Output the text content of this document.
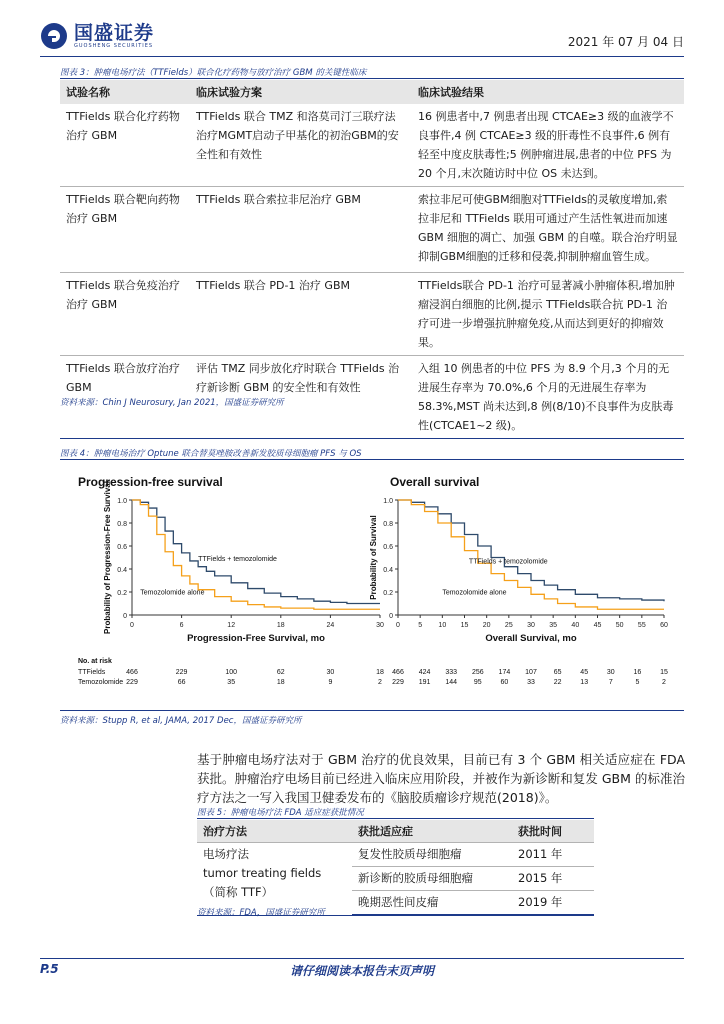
国盛证券
GUOSHENG SECURITIES	2021 年 07 月 04 日
图表 3：肿瘤电场疗法（TTFields）联合化疗药物与放疗治疗 GBM 的关键性临床
试验名称	临床试验方案	临床试验结果
TTFields 联合化疗药物治疗 GBM	TTFields 联合 TMZ 和洛莫司汀三联疗法治疗MGMT启动子甲基化的初治GBM的安全性和有效性	16 例患者中,7 例患者出现 CTCAE≥3 级的血液学不良事件,4 例 CTCAE≥3 级的肝毒性不良事件,6 例有轻至中度皮肤毒性;5 例肿瘤进展,患者的中位 PFS 为 20 个月,末次随访时中位 OS 未达到。
TTFields 联合靶向药物治疗 GBM	TTFields 联合索拉非尼治疗 GBM	索拉非尼可使GBM细胞对TTFields的灵敏度增加,索拉非尼和 TTFields 联用可通过产生活性氧进而加速 GBM 细胞的凋亡、加强 GBM 的自噬。联合治疗明显抑制GBM细胞的迁移和侵袭,抑制肿瘤血管生成。
TTFields 联合免疫治疗治疗 GBM	TTFields 联合 PD-1 治疗 GBM	TTFields联合 PD-1 治疗可显著减小肿瘤体积,增加肿瘤浸润白细胞的比例,提示 TTFields联合抗 PD-1 治疗可进一步增强抗肿瘤免疫,从而达到更好的抑瘤效果。
TTFields 联合放疗治疗 GBM	评估 TMZ 同步放化疗时联合 TTFields 治疗新诊断 GBM 的安全性和有效性	入组 10 例患者的中位 PFS 为 8.9 个月,3 个月的无进展生存率为 70.0%,6 个月的无进展生存率为 58.3%,MST 尚未达到,8 例(8/10)不良事件为皮肤毒性(CTCAE1~2 级)。
资料来源：Chin J Neurosury, Jan 2021，国盛证券研究所
图表 4：肿瘤电场治疗 Optune 联合替莫唑胺改善新发胶质母细胞瘤 PFS 与 OS
Progression-free survival
0
0.2
0.4
0.6
0.8
1.0
0	6	12	18	24	30
Progression-Free Survival, mo
Probability of Progression-Free Survival	TTFields + temozolomide
Temozolomide alone
No. at risk
TTFields	466	229	100	62	30	18
Temozolomide 229	66	35	18	9	2
Overall survival
0
0.2
0.4
0.6
0.8
1.0
0	5 10 15 20 25 30 35 40 45 50 55 60
Overall Survival, mo
Probability of Survival	TTFields + temozolomide
Temozolomide alone
466 424 333 256 174 107 65	45	30	16	15
229 191 144 95	60	33	22	13	7	5	2
资料来源：Stupp R, et al, JAMA, 2017 Dec，国盛证券研究所
基于肿瘤电场疗法对于 GBM 治疗的优良效果，目前已有 3 个 GBM 相关适应症在 FDA 获批。肿瘤治疗电场目前已经进入临床应用阶段，并被作为新诊断和复发 GBM 的标准治疗方法之一写入我国卫健委发布的《脑胶质瘤诊疗规范(2018)》。
图表 5：肿瘤电场疗法 FDA 适应症获批情况
治疗方法	获批适应症	获批时间

电场疗法
tumor treating fields
（简称 TTF）

复发性胶质母细胞瘤	2011 年
新诊断的胶质母细胞瘤	2015 年
晚期恶性间皮瘤	2019 年
资料来源：FDA，国盛证券研究所
请仔细阅读本报告末页声明
P.5
